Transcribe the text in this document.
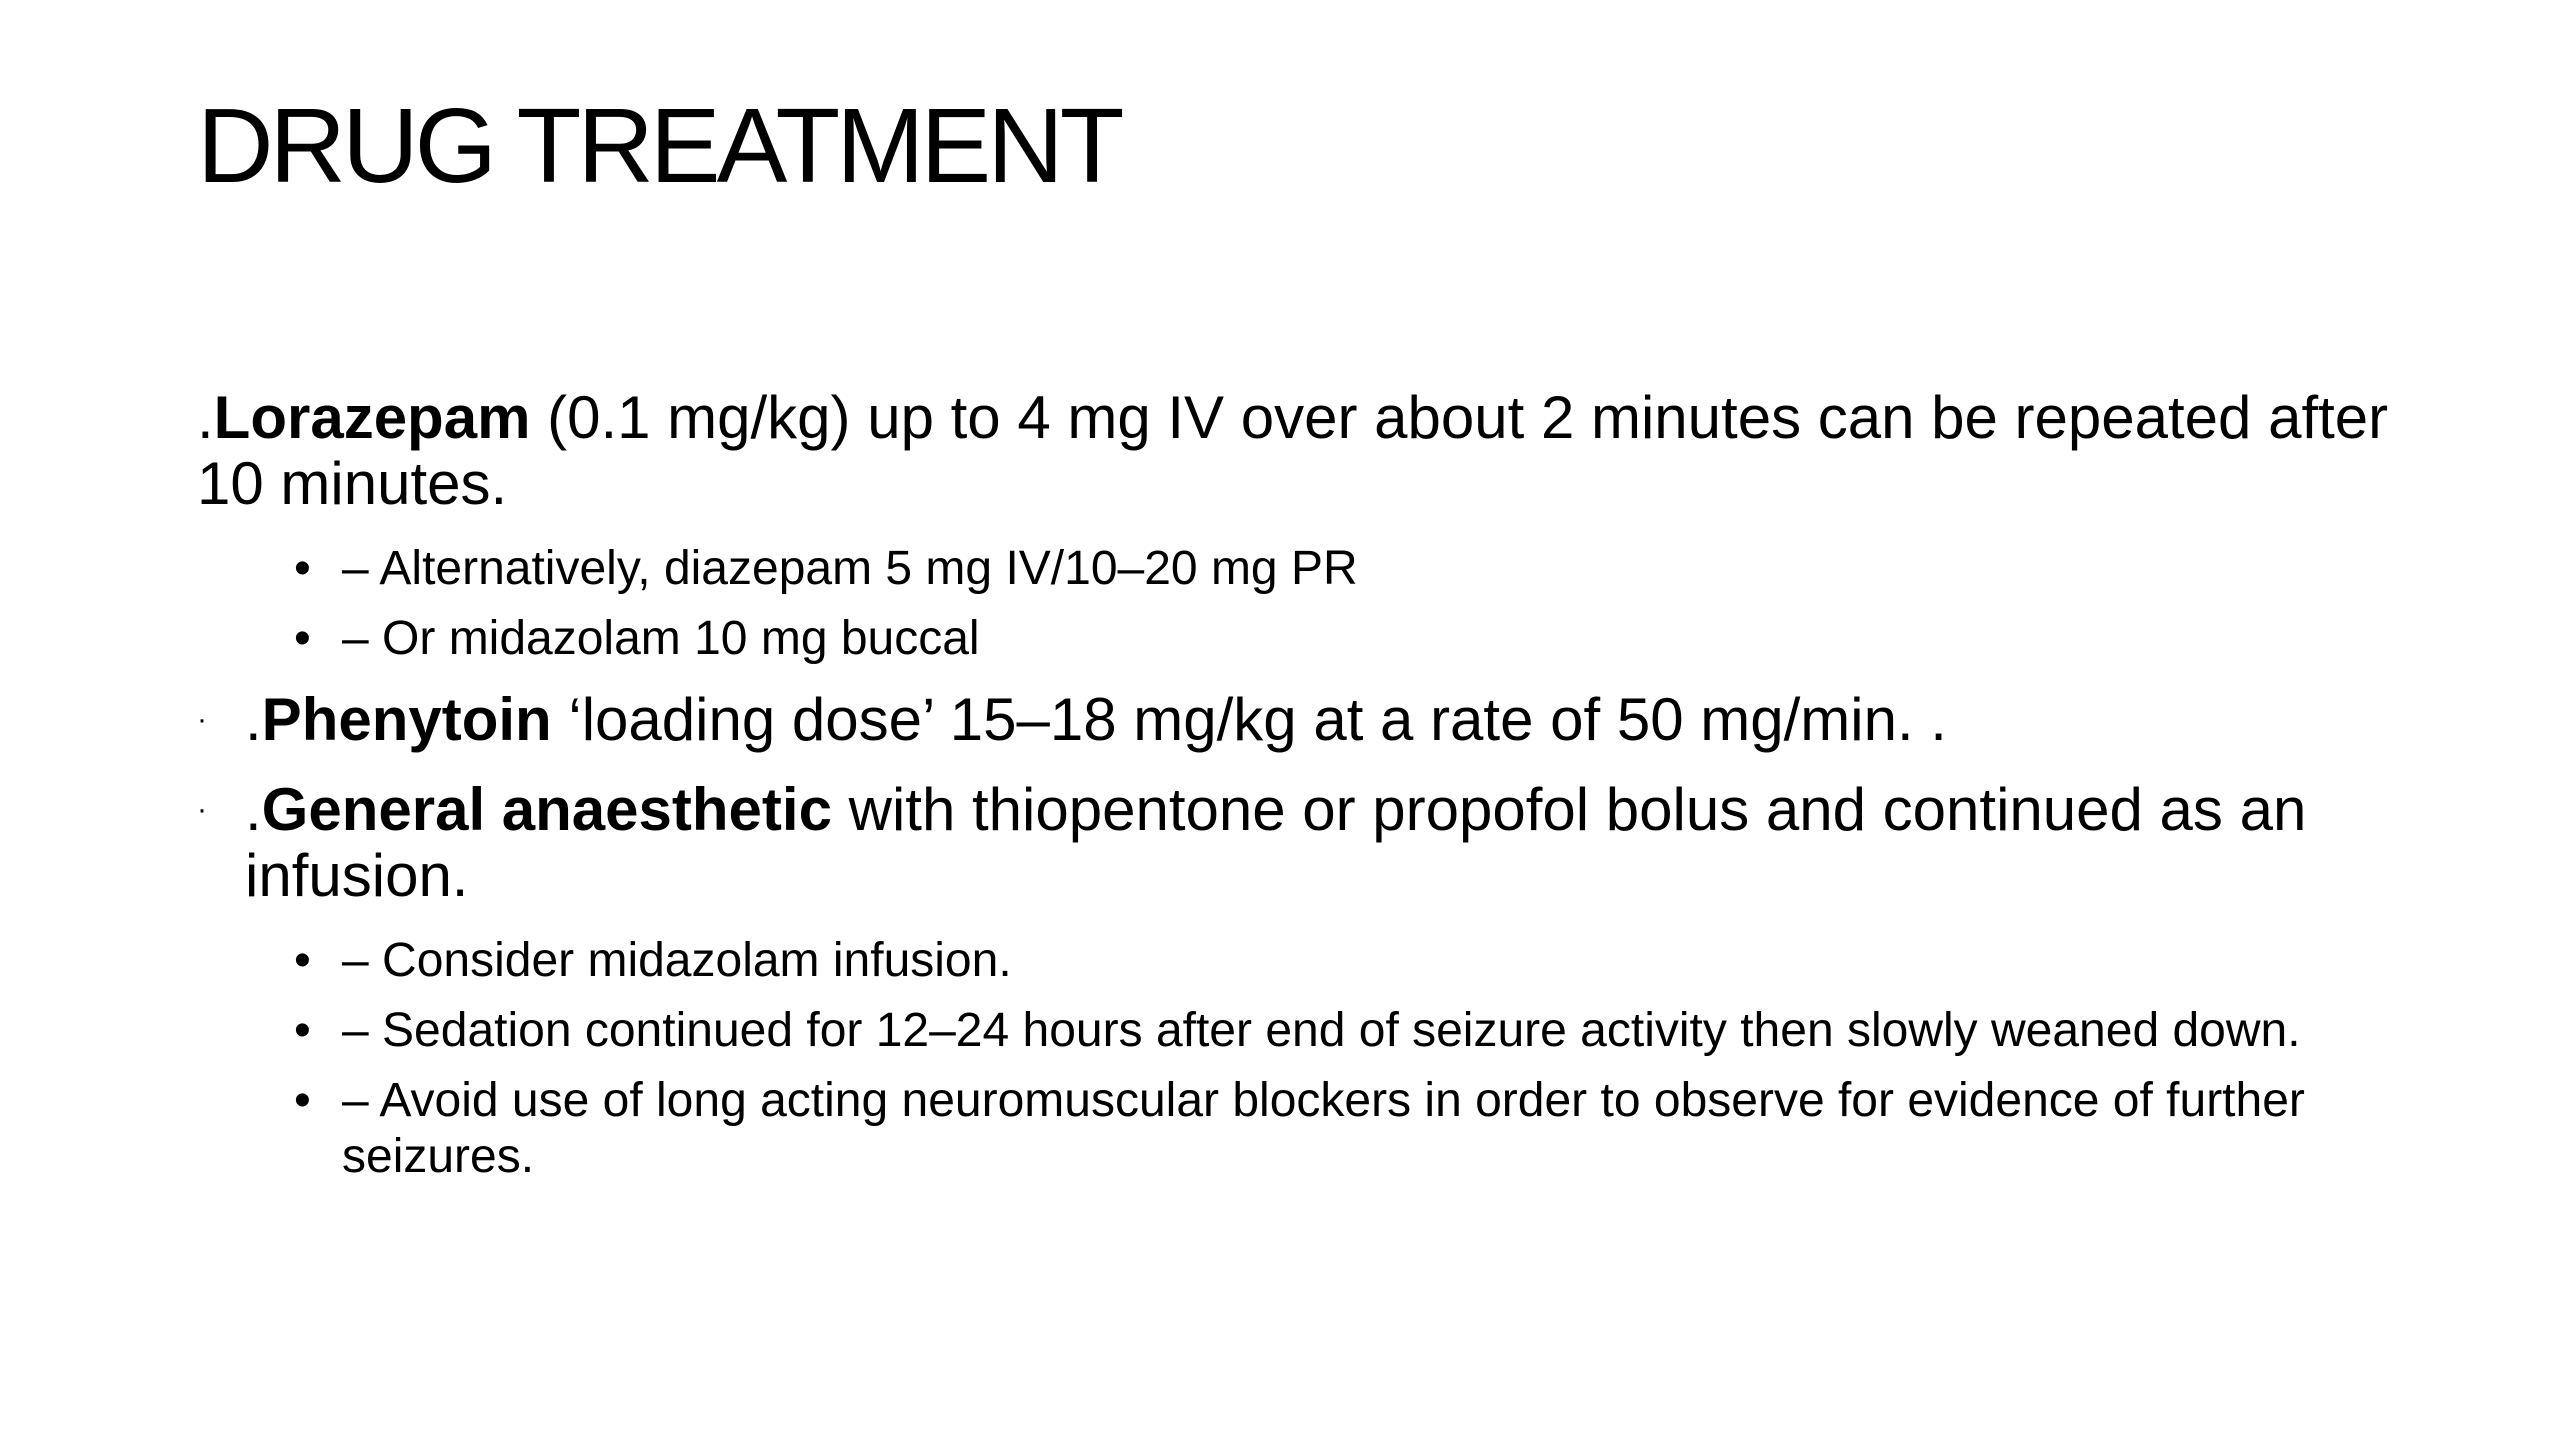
DRUG TREATMENT
.Lorazepam (0.1 mg/kg) up to 4 mg IV over about 2 minutes can be repeated after 10 minutes.
• – Alternatively, diazepam 5 mg IV/10–20 mg PR
• – Or midazolam 10 mg buccal
· .Phenytoin ‘loading dose’ 15–18 mg/kg at a rate of 50 mg/min. .
· .General anaesthetic with thiopentone or propofol bolus and continued as an infusion.
• – Consider midazolam infusion.
• – Sedation continued for 12–24 hours after end of seizure activity then slowly weaned down.
• – Avoid use of long acting neuromuscular blockers in order to observe for evidence of further seizures.
